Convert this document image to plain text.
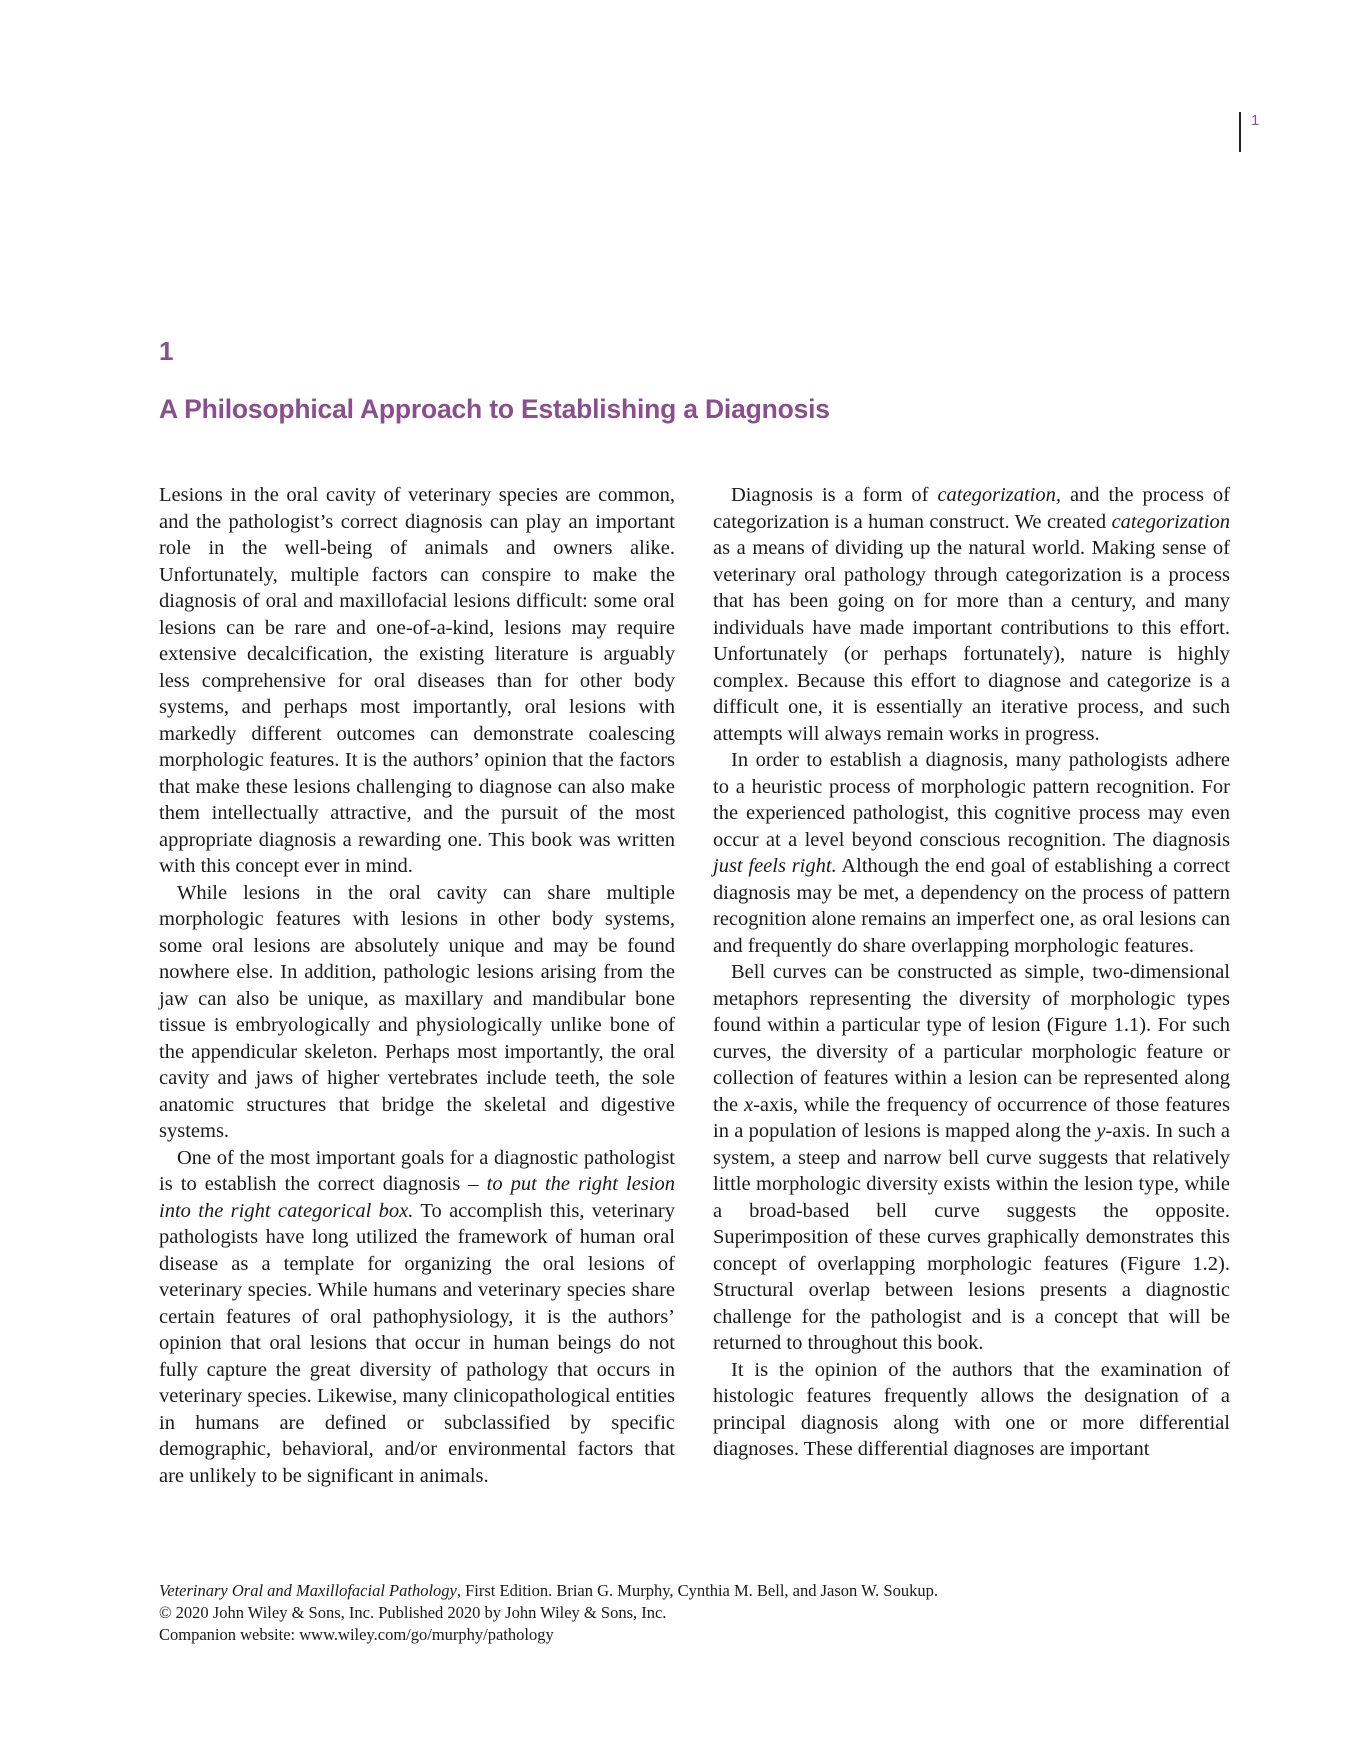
1
1
A Philosophical Approach to Establishing a Diagnosis

Lesions in the oral cavity of veterinary species are common, and the pathologist’s correct diagnosis can play an important role in the well-being of animals and owners alike. Unfortunately, multiple factors can conspire to make the diagnosis of oral and maxillofacial lesions difficult: some oral lesions can be rare and one-of-a-kind, lesions may require extensive decalcification, the existing literature is arguably less comprehensive for oral diseases than for other body systems, and perhaps most importantly, oral lesions with markedly different outcomes can demonstrate coalescing morphologic features. It is the authors’ opinion that the factors that make these lesions challenging to diagnose can also make them intellectually attractive, and the pursuit of the most appropriate diagnosis a rewarding one. This book was written with this concept ever in mind.

While lesions in the oral cavity can share multiple morphologic features with lesions in other body systems, some oral lesions are absolutely unique and may be found nowhere else. In addition, pathologic lesions arising from the jaw can also be unique, as maxillary and mandibular bone tissue is embryologically and physiologically unlike bone of the appendicular skeleton. Perhaps most importantly, the oral cavity and jaws of higher vertebrates include teeth, the sole anatomic structures that bridge the skeletal and digestive systems.

One of the most important goals for a diagnostic pathologist is to establish the correct diagnosis – to put the right lesion into the right categorical box. To accomplish this, veterinary pathologists have long utilized the framework of human oral disease as a template for organizing the oral lesions of veterinary species. While humans and veterinary species share certain features of oral pathophysiology, it is the authors’ opinion that oral lesions that occur in human beings do not fully capture the great diversity of pathology that occurs in veterinary species. Likewise, many clinicopathological entities in humans are defined or subclassified by specific demographic, behavioral, and/or environmental factors that are unlikely to be significant in animals.

Diagnosis is a form of categorization, and the process of categorization is a human construct. We created categorization as a means of dividing up the natural world. Making sense of veterinary oral pathology through categorization is a process that has been going on for more than a century, and many individuals have made important contributions to this effort. Unfortunately (or perhaps fortunately), nature is highly complex. Because this effort to diagnose and categorize is a difficult one, it is essentially an iterative process, and such attempts will always remain works in progress.

In order to establish a diagnosis, many pathologists adhere to a heuristic process of morphologic pattern recognition. For the experienced pathologist, this cognitive process may even occur at a level beyond conscious recognition. The diagnosis just feels right. Although the end goal of establishing a correct diagnosis may be met, a dependency on the process of pattern recognition alone remains an imperfect one, as oral lesions can and frequently do share overlapping morphologic features.

Bell curves can be constructed as simple, two-dimensional metaphors representing the diversity of morphologic types found within a particular type of lesion (Figure 1.1). For such curves, the diversity of a particular morphologic feature or collection of features within a lesion can be represented along the x-axis, while the frequency of occurrence of those features in a population of lesions is mapped along the y-axis. In such a system, a steep and narrow bell curve suggests that relatively little morphologic diversity exists within the lesion type, while a broad-based bell curve suggests the opposite. Superimposition of these curves graphically demonstrates this concept of overlapping morphologic features (Figure 1.2). Structural overlap between lesions presents a diagnostic challenge for the pathologist and is a concept that will be returned to throughout this book.

It is the opinion of the authors that the examination of histologic features frequently allows the designation of a principal diagnosis along with one or more differential diagnoses. These differential diagnoses are important

Veterinary Oral and Maxillofacial Pathology, First Edition. Brian G. Murphy, Cynthia M. Bell, and Jason W. Soukup.
© 2020 John Wiley & Sons, Inc. Published 2020 by John Wiley & Sons, Inc.
Companion website: www.wiley.com/go/murphy/pathology
